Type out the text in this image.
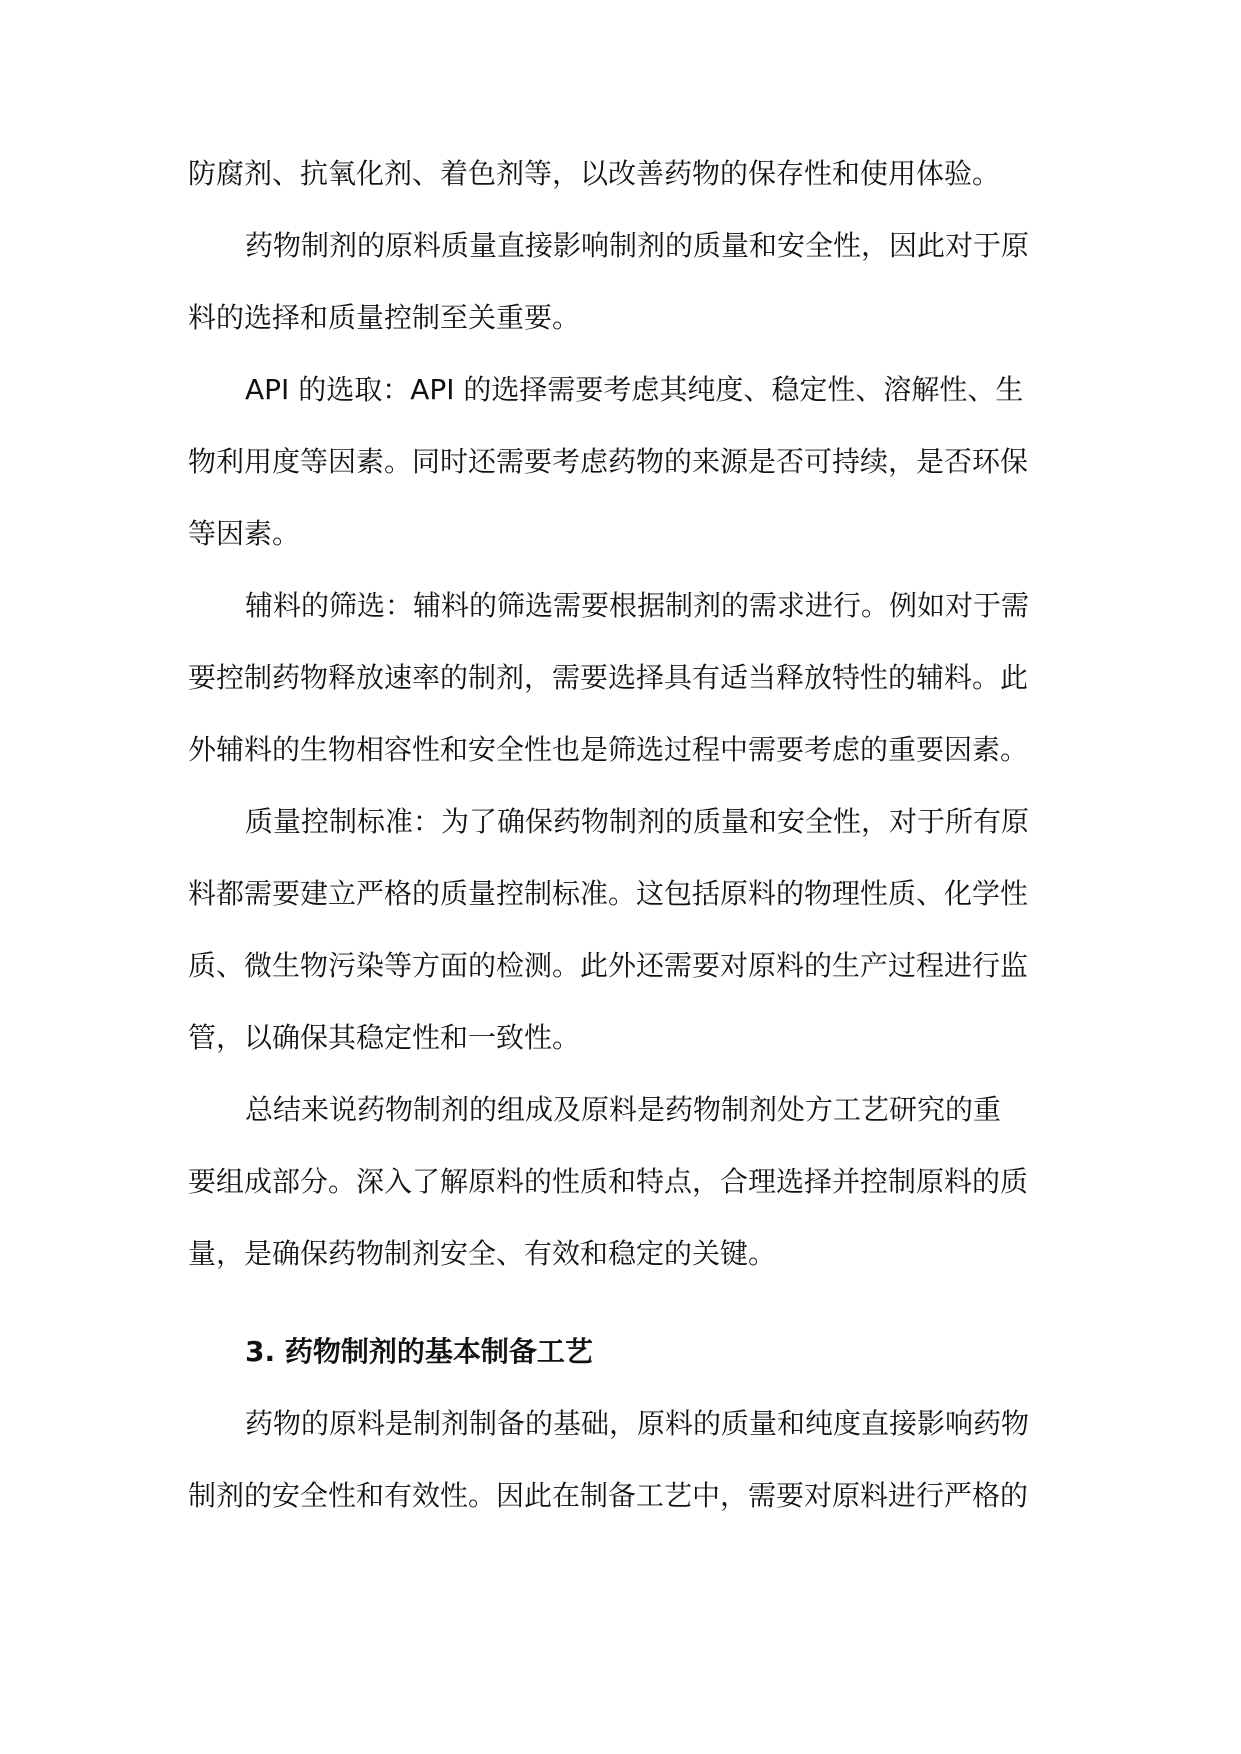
防腐剂、抗氧化剂、着色剂等，以改善药物的保存性和使用体验。
药物制剂的原料质量直接影响制剂的质量和安全性，因此对于原
料的选择和质量控制至关重要。
API 的选取：API 的选择需要考虑其纯度、稳定性、溶解性、生
物利用度等因素。同时还需要考虑药物的来源是否可持续，是否环保
等因素。
辅料的筛选：辅料的筛选需要根据制剂的需求进行。例如对于需
要控制药物释放速率的制剂，需要选择具有适当释放特性的辅料。此
外辅料的生物相容性和安全性也是筛选过程中需要考虑的重要因素。
质量控制标准：为了确保药物制剂的质量和安全性，对于所有原
料都需要建立严格的质量控制标准。这包括原料的物理性质、化学性
质、微生物污染等方面的检测。此外还需要对原料的生产过程进行监
管，以确保其稳定性和一致性。
总结来说药物制剂的组成及原料是药物制剂处方工艺研究的重
要组成部分。深入了解原料的性质和特点，合理选择并控制原料的质
量，是确保药物制剂安全、有效和稳定的关键。
3. 药物制剂的基本制备工艺
药物的原料是制剂制备的基础，原料的质量和纯度直接影响药物
制剂的安全性和有效性。因此在制备工艺中，需要对原料进行严格的
